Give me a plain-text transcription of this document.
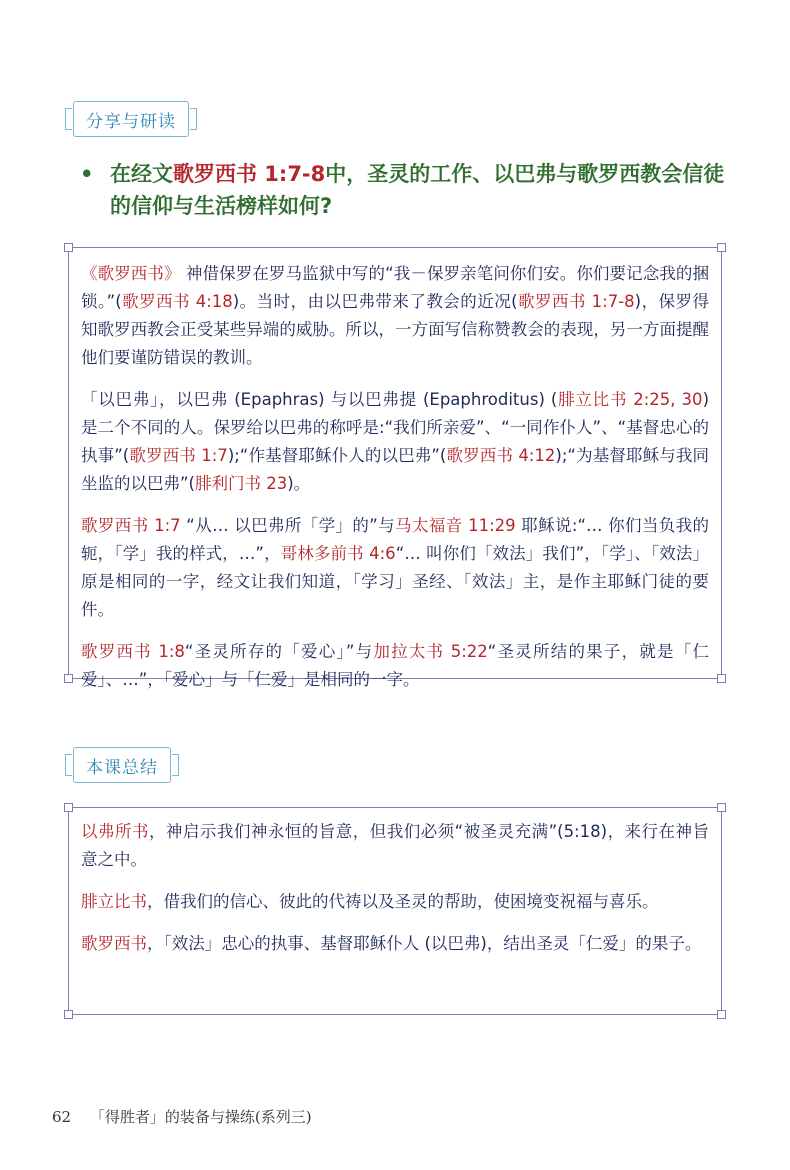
分享与研读
• 在经文歌罗西书 1:7-8中，圣灵的工作、以巴弗与歌罗西教会信徒的信仰与生活榜样如何?

《歌罗西书》 神借保罗在罗马监狱中写的“我－保罗亲笔问你们安。你们要记念我的捆锁。”(歌罗西书 4:18)。当时，由以巴弗带来了教会的近况(歌罗西书 1:7-8)，保罗得知歌罗西教会正受某些异端的威胁。所以，一方面写信称赞教会的表现，另一方面提醒他们要谨防错误的教训。

「以巴弗」，以巴弗 (Epaphras) 与以巴弗提 (Epaphroditus) (腓立比书 2:25, 30) 是二个不同的人。保罗给以巴弗的称呼是:“我们所亲爱”、“一同作仆人”、“基督忠心的执事”(歌罗西书 1:7);“作基督耶稣仆人的以巴弗”(歌罗西书 4:12);“为基督耶稣与我同坐监的以巴弗”(腓利门书 23)。

歌罗西书 1:7 “从… 以巴弗所「学」的”与马太福音 11:29 耶稣说:“… 你们当负我的轭，「学」我的样式，…”，哥林多前书 4:6“… 叫你们「效法」我们”，「学」、「效法」原是相同的一字，经文让我们知道，「学习」圣经、「效法」主，是作主耶稣门徒的要件。

歌罗西书 1:8“圣灵所存的「爱心」”与加拉太书 5:22“圣灵所结的果子，就是「仁爱」、…”，「爱心」与「仁爱」是相同的一字。

本课总结

以弗所书，神启示我们神永恒的旨意，但我们必须“被圣灵充满”(5:18)，来行在神旨意之中。

腓立比书，借我们的信心、彼此的代祷以及圣灵的帮助，使困境变祝福与喜乐。

歌罗西书，「效法」忠心的执事、基督耶稣仆人 (以巴弗)，结出圣灵「仁爱」的果子。

62 「得胜者」的装备与操练(系列三)
